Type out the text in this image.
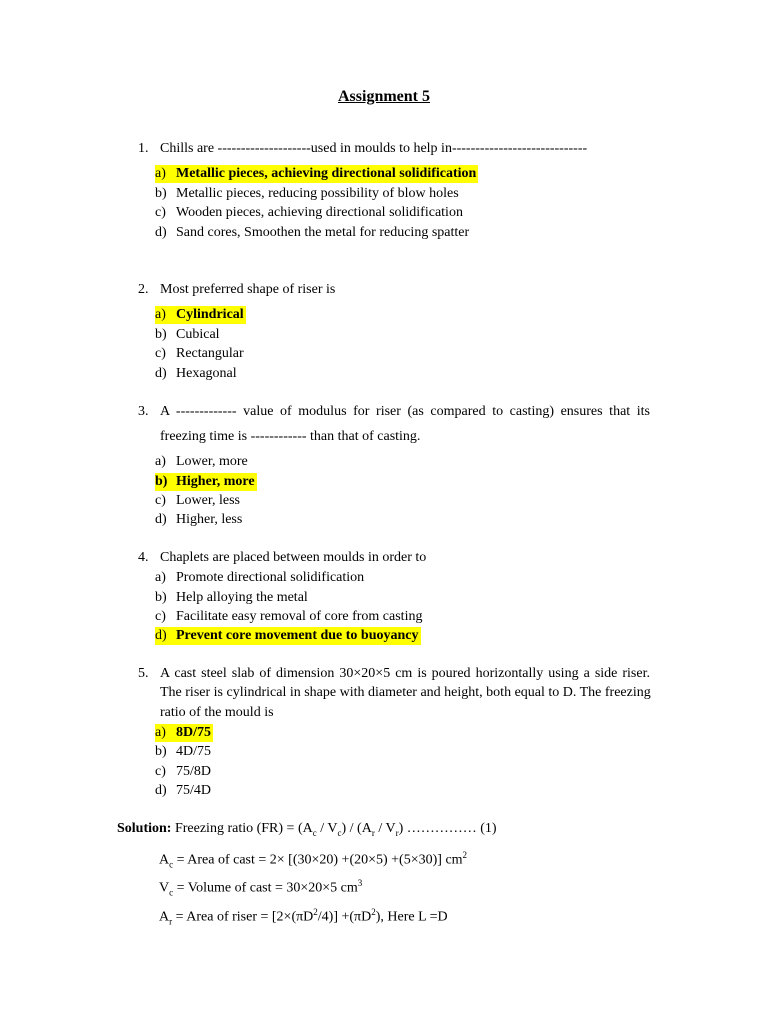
Assignment 5
1. Chills are --------------------used in moulds to help in-----------------------------
a) Metallic pieces, achieving directional solidification
b) Metallic pieces, reducing possibility of blow holes
c) Wooden pieces, achieving directional solidification
d) Sand cores, Smoothen the metal for reducing spatter
2. Most preferred shape of riser is
a) Cylindrical
b) Cubical
c) Rectangular
d) Hexagonal
3. A ------------- value of modulus for riser (as compared to casting) ensures that its
freezing time is ------------ than that of casting.
a) Lower, more
b) Higher, more
c) Lower, less
d) Higher, less
4. Chaplets are placed between moulds in order to
a) Promote directional solidification
b) Help alloying the metal
c) Facilitate easy removal of core from casting
d) Prevent core movement due to buoyancy
5. A cast steel slab of dimension 30×20×5 cm is poured horizontally using a side riser.
The riser is cylindrical in shape with diameter and height, both equal to D. The freezing
ratio of the mould is
a) 8D/75
b) 4D/75
c) 75/8D
d) 75/4D
Solution: Freezing ratio $(FR) = (A_c / V_c) / (A_r / V_r)$ …………… (1)
$A_c$ = Area of cast = 2× [(30×20) +(20×5) +(5×30)] $cm^2$
$V_c$ = Volume of cast = 30×20×5 $cm^3$
$A_r$ = Area of riser = $[2\times(\pi D^2/4)] +(\pi D^2)$, Here L =D
